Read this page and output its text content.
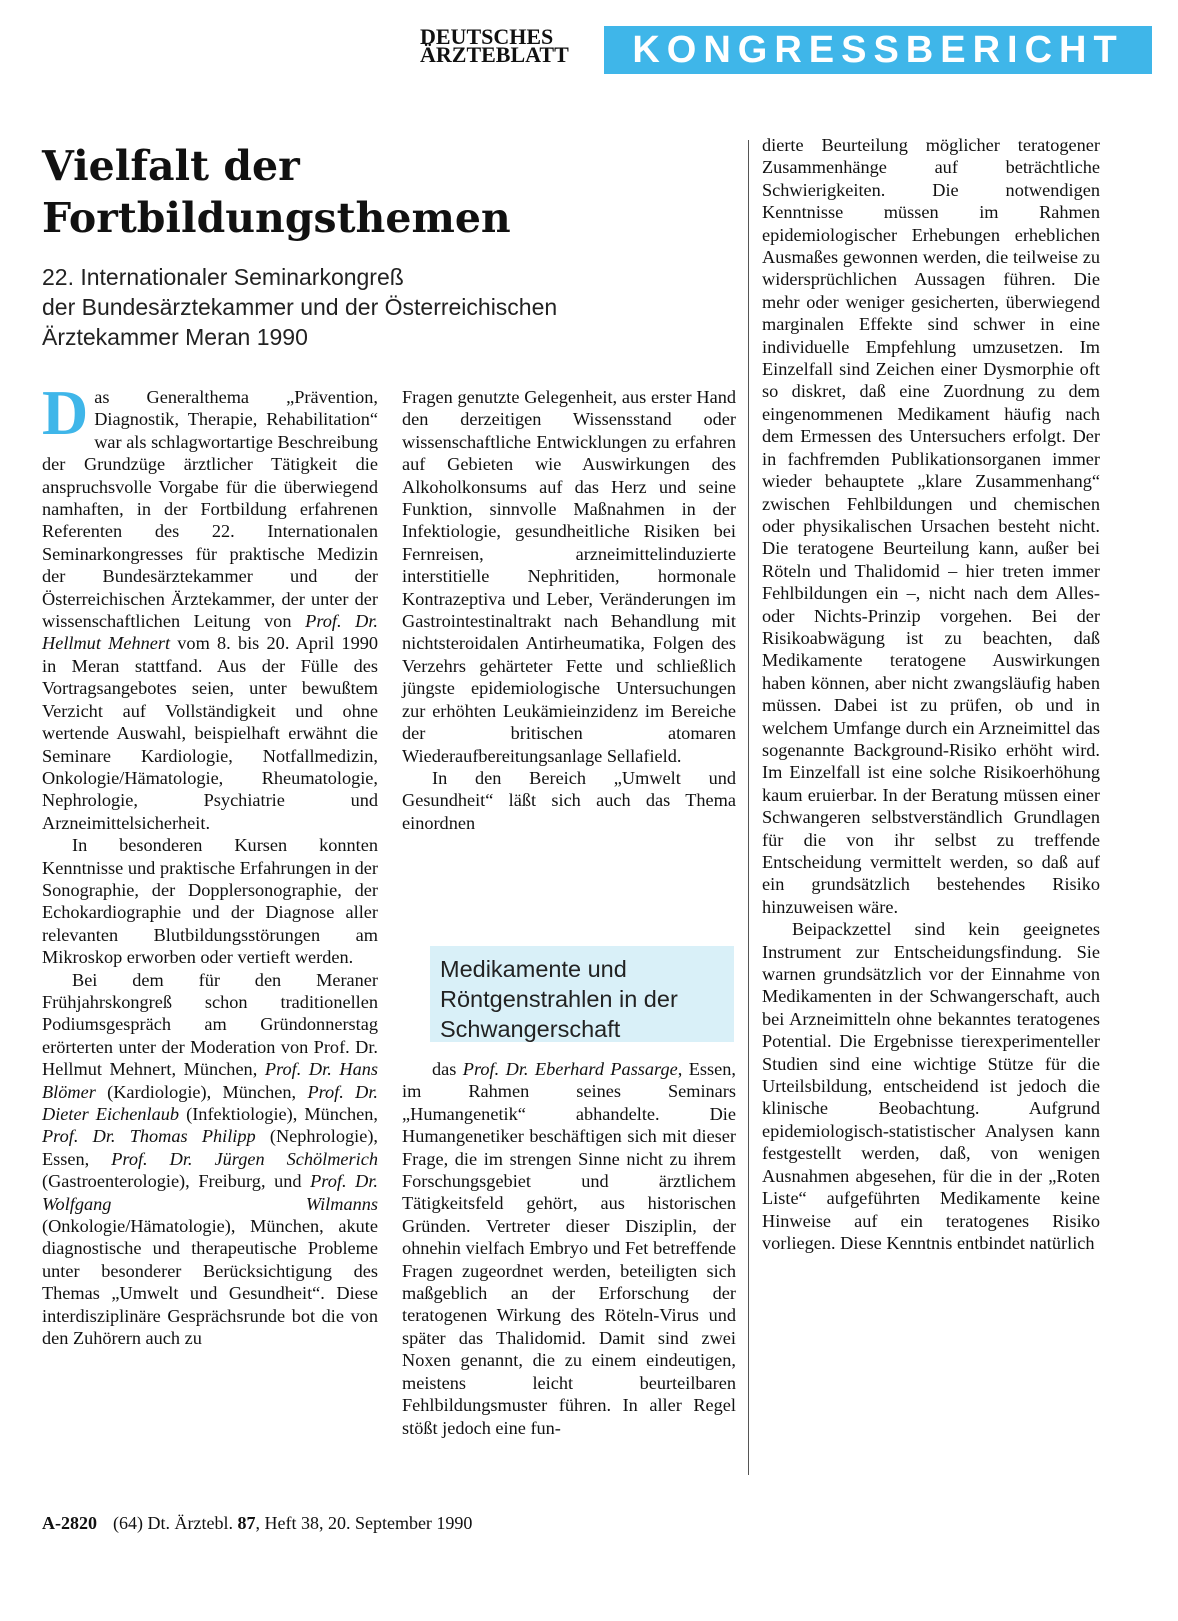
DEUTSCHES
ÄRZTEBLATT	KONGRESSBERICHT
Vielfalt der
Fortbildungsthemen
22. Internationaler Seminarkongreß
der Bundesärztekammer und der Österreichischen
Ärztekammer Meran 1990

Das Generalthema „Prävention, Diagnostik, Therapie, Rehabilitation“ war als schlagwortartige Beschreibung der Grundzüge ärztlicher Tätigkeit die anspruchsvolle Vorgabe für die überwiegend namhaften, in der Fortbildung erfahrenen Referenten des 22. Internationalen Seminarkongresses für praktische Medizin der Bundesärztekammer und der Österreichischen Ärztekammer, der unter der wissenschaftlichen Leitung von Prof. Dr. Hellmut Mehnert vom 8. bis 20. April 1990 in Meran stattfand. Aus der Fülle des Vortragsangebotes seien, unter bewußtem Verzicht auf Vollständigkeit und ohne wertende Auswahl, beispielhaft erwähnt die Seminare Kardiologie, Notfallmedizin, Onkologie/Hämatologie, Rheumatologie, Nephrologie, Psychiatrie und Arzneimittelsicherheit.

In besonderen Kursen konnten Kenntnisse und praktische Erfahrungen in der Sonographie, der Dopplersonographie, der Echokardiographie und der Diagnose aller relevanten Blutbildungsstörungen am Mikroskop erworben oder vertieft werden.

Bei dem für den Meraner Frühjahrskongreß schon traditionellen Podiumsgespräch am Gründonnerstag erörterten unter der Moderation von Prof. Dr. Hellmut Mehnert, München, Prof. Dr. Hans Blömer (Kardiologie), München, Prof. Dr. Dieter Eichenlaub (Infektiologie), München, Prof. Dr. Thomas Philipp (Nephrologie), Essen, Prof. Dr. Jürgen Schölmerich (Gastroenterologie), Freiburg, und Prof. Dr. Wolfgang Wilmanns (Onkologie/Hämatologie), München, akute diagnostische und therapeutische Probleme unter besonderer Berücksichtigung des Themas „Umwelt und Gesundheit“. Diese interdisziplinäre Gesprächsrunde bot die von den Zuhörern auch zu

Fragen genutzte Gelegenheit, aus erster Hand den derzeitigen Wissensstand oder wissenschaftliche Entwicklungen zu erfahren auf Gebieten wie Auswirkungen des Alkoholkonsums auf das Herz und seine Funktion, sinnvolle Maßnahmen in der Infektiologie, gesundheitliche Risiken bei Fernreisen, arzneimittelinduzierte interstitielle Nephritiden, hormonale Kontrazeptiva und Leber, Veränderungen im Gastrointestinaltrakt nach Behandlung mit nichtsteroidalen Antirheumatika, Folgen des Verzehrs gehärteter Fette und schließlich jüngste epidemiologische Untersuchungen zur erhöhten Leukämieinzidenz im Bereiche der britischen atomaren Wiederaufbereitungsanlage Sellafield.

In den Bereich „Umwelt und Gesundheit“ läßt sich auch das Thema einordnen

Medikamente und Röntgenstrahlen in der Schwangerschaft

das Prof. Dr. Eberhard Passarge, Essen, im Rahmen seines Seminars „Humangenetik“ abhandelte. Die Humangenetiker beschäftigen sich mit dieser Frage, die im strengen Sinne nicht zu ihrem Forschungsgebiet und ärztlichem Tätigkeitsfeld gehört, aus historischen Gründen. Vertreter dieser Disziplin, der ohnehin vielfach Embryo und Fet betreffende Fragen zugeordnet werden, beteiligten sich maßgeblich an der Erforschung der teratogenen Wirkung des Röteln-Virus und später das Thalidomid. Damit sind zwei Noxen genannt, die zu einem eindeutigen, meistens leicht beurteilbaren Fehlbildungsmuster führen. In aller Regel stößt jedoch eine fun-

dierte Beurteilung möglicher teratogener Zusammenhänge auf beträchtliche Schwierigkeiten. Die notwendigen Kenntnisse müssen im Rahmen epidemiologischer Erhebungen erheblichen Ausmaßes gewonnen werden, die teilweise zu widersprüchlichen Aussagen führen. Die mehr oder weniger gesicherten, überwiegend marginalen Effekte sind schwer in eine individuelle Empfehlung umzusetzen. Im Einzelfall sind Zeichen einer Dysmorphie oft so diskret, daß eine Zuordnung zu dem eingenommenen Medikament häufig nach dem Ermessen des Untersuchers erfolgt. Der in fachfremden Publikationsorganen immer wieder behauptete „klare Zusammenhang“ zwischen Fehlbildungen und chemischen oder physikalischen Ursachen besteht nicht. Die teratogene Beurteilung kann, außer bei Röteln und Thalidomid – hier treten immer Fehlbildungen ein –, nicht nach dem Alles- oder Nichts-Prinzip vorgehen. Bei der Risikoabwägung ist zu beachten, daß Medikamente teratogene Auswirkungen haben können, aber nicht zwangsläufig haben müssen. Dabei ist zu prüfen, ob und in welchem Umfange durch ein Arzneimittel das sogenannte Background-Risiko erhöht wird. Im Einzelfall ist eine solche Risikoerhöhung kaum eruierbar. In der Beratung müssen einer Schwangeren selbstverständlich Grundlagen für die von ihr selbst zu treffende Entscheidung vermittelt werden, so daß auf ein grundsätzlich bestehendes Risiko hinzuweisen wäre.

Beipackzettel sind kein geeignetes Instrument zur Entscheidungsfindung. Sie warnen grundsätzlich vor der Einnahme von Medikamenten in der Schwangerschaft, auch bei Arzneimitteln ohne bekanntes teratogenes Potential. Die Ergebnisse tierexperimenteller Studien sind eine wichtige Stütze für die Urteilsbildung, entscheidend ist jedoch die klinische Beobachtung. Aufgrund epidemiologisch-statistischer Analysen kann festgestellt werden, daß, von wenigen Ausnahmen abgesehen, für die in der „Roten Liste“ aufgeführten Medikamente keine Hinweise auf ein teratogenes Risiko vorliegen. Diese Kenntnis entbindet natürlich

A-2820 (64) Dt. Ärztebl. 87, Heft 38, 20. September 1990
